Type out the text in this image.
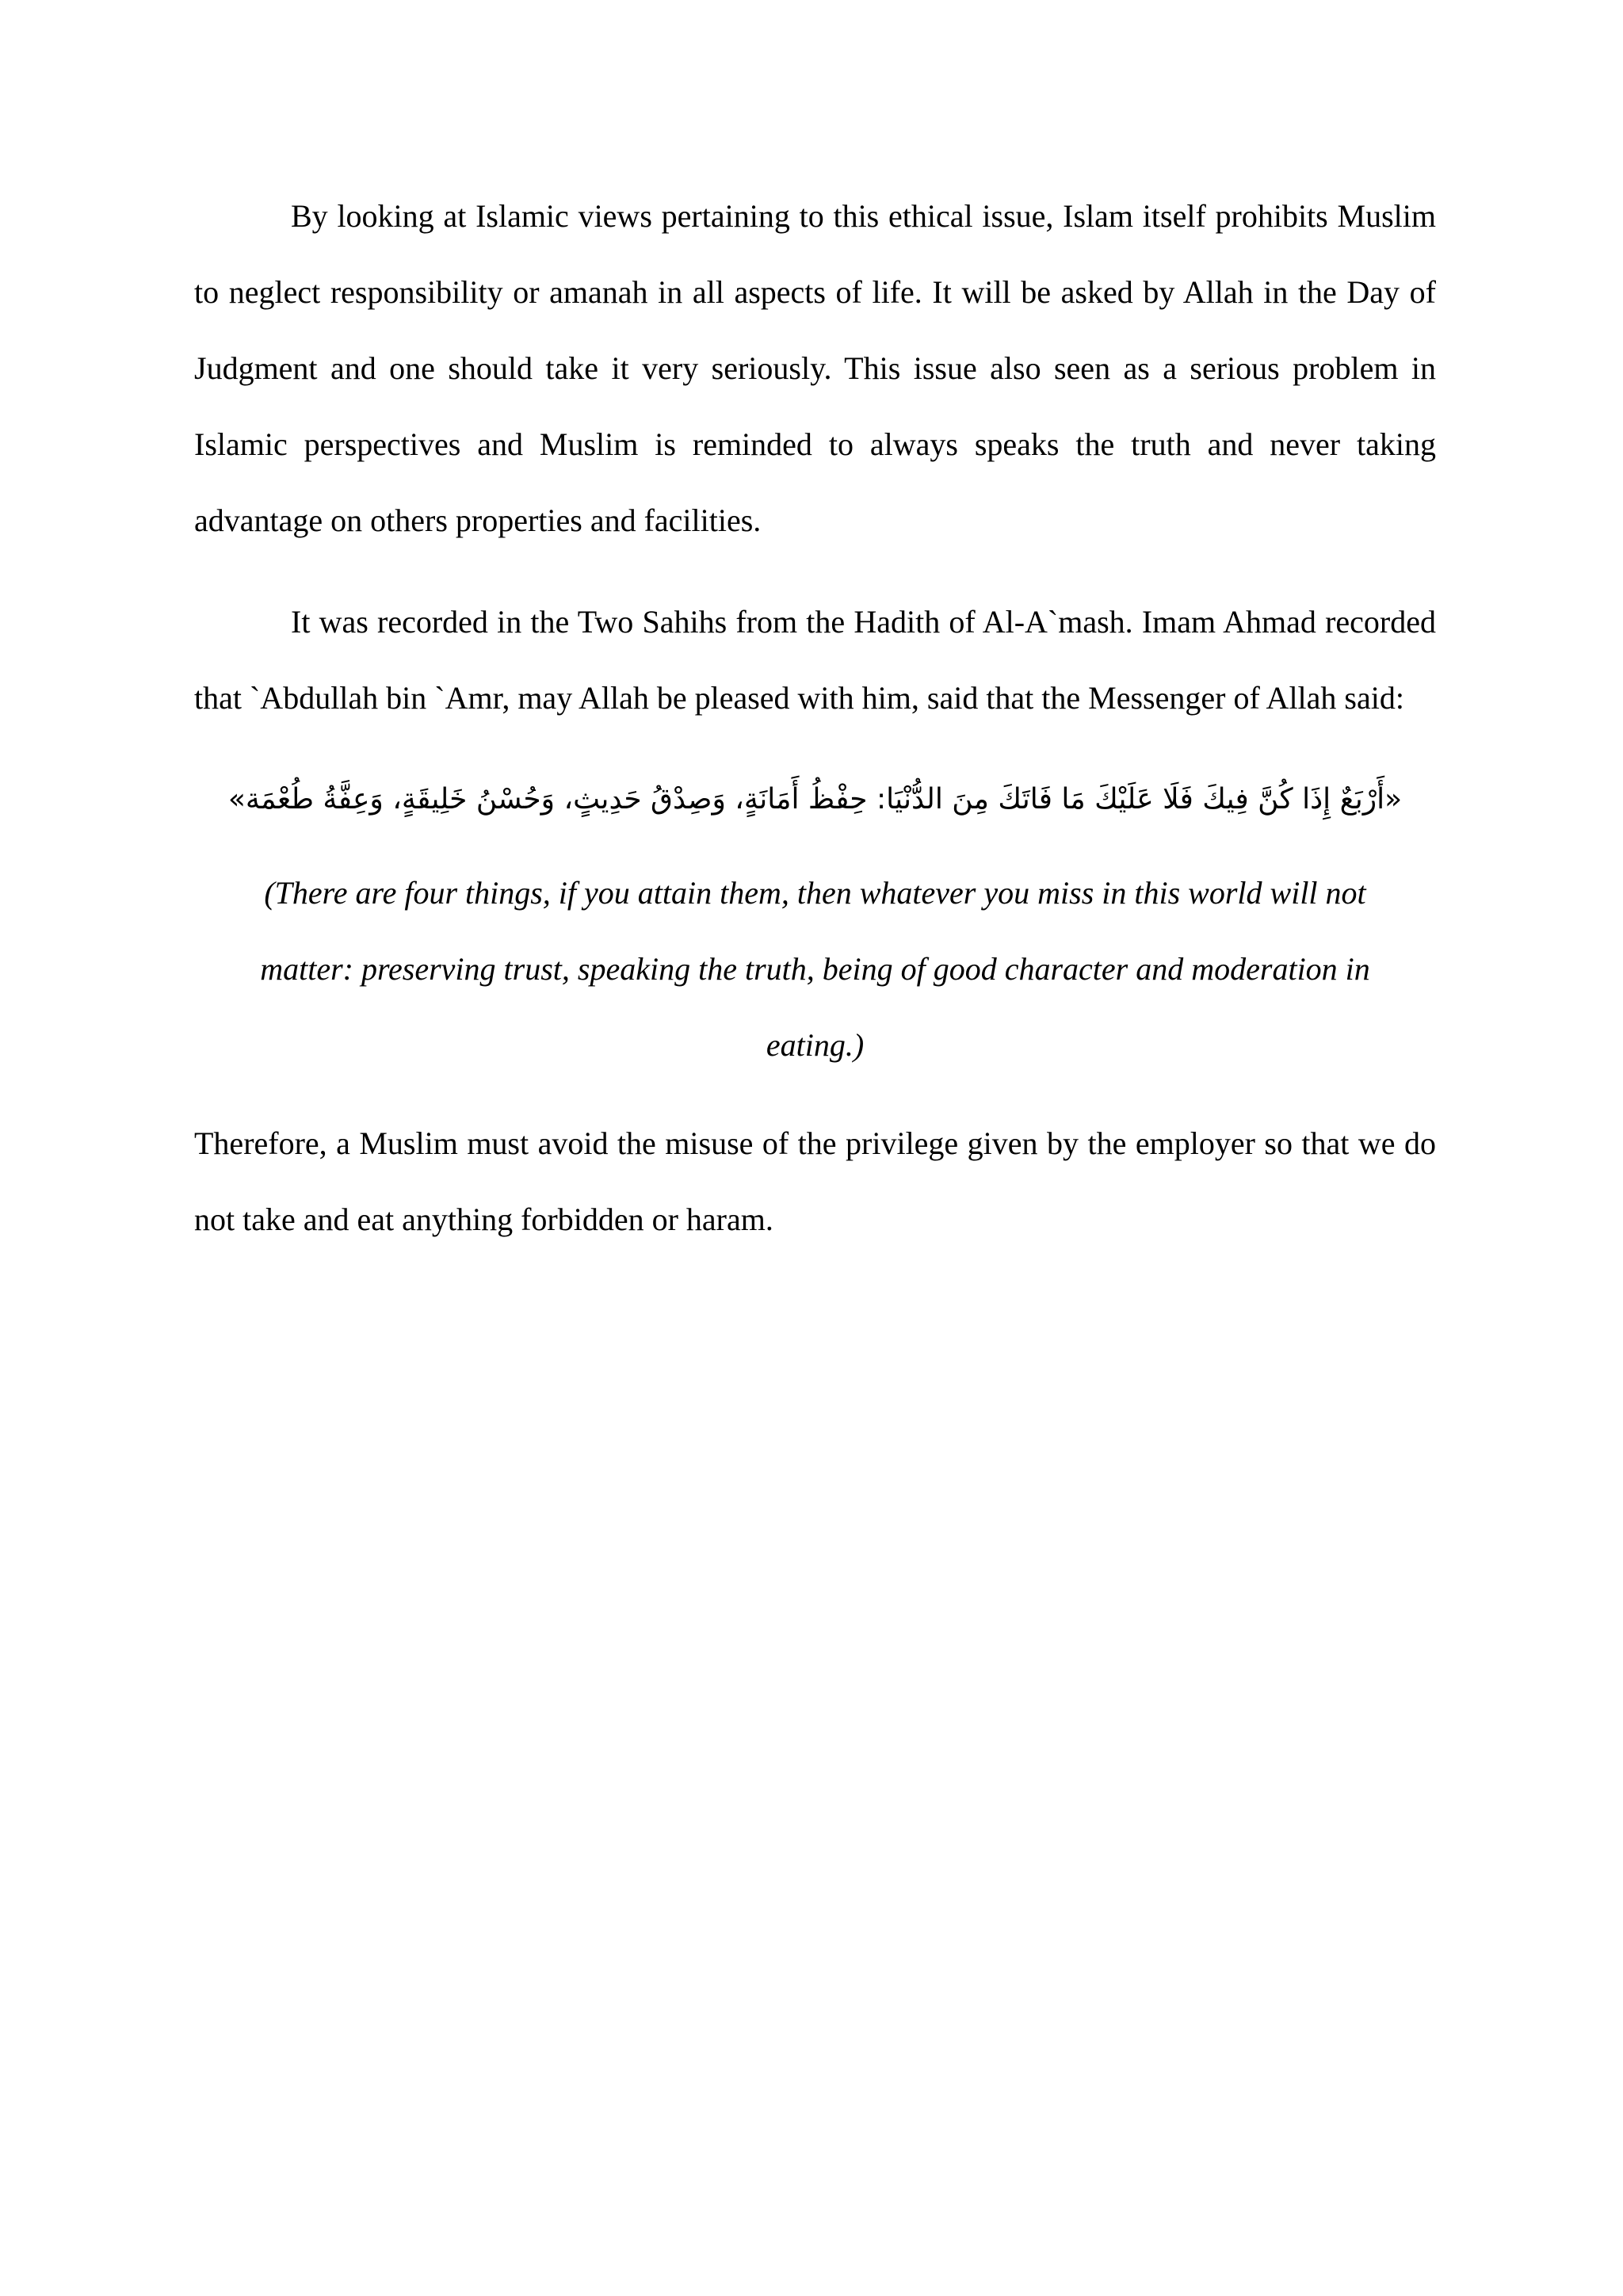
By looking at Islamic views pertaining to this ethical issue, Islam itself prohibits Muslim to neglect responsibility or amanah in all aspects of life. It will be asked by Allah in the Day of Judgment and one should take it very seriously. This issue also seen as a serious problem in Islamic perspectives and Muslim is reminded to always speaks the truth and never taking advantage on others properties and facilities.

It was recorded in the Two Sahihs from the Hadith of Al-A`mash. Imam Ahmad recorded that `Abdullah bin `Amr, may Allah be pleased with him, said that the Messenger of Allah said:

«أَرْبَعٌ إِذَا كُنَّ فِيكَ فَلَا عَلَيْكَ مَا فَاتَكَ مِنَ الدُّنْيَا: حِفْظُ أَمَانَةٍ، وَصِدْقُ حَدِيثٍ، وَحُسْنُ خَلِيقَةٍ، وَعِفَّةُ طُعْمَة»

(There are four things, if you attain them, then whatever you miss in this world will not matter: preserving trust, speaking the truth, being of good character and moderation in eating.)

Therefore, a Muslim must avoid the misuse of the privilege given by the employer so that we do not take and eat anything forbidden or haram.
